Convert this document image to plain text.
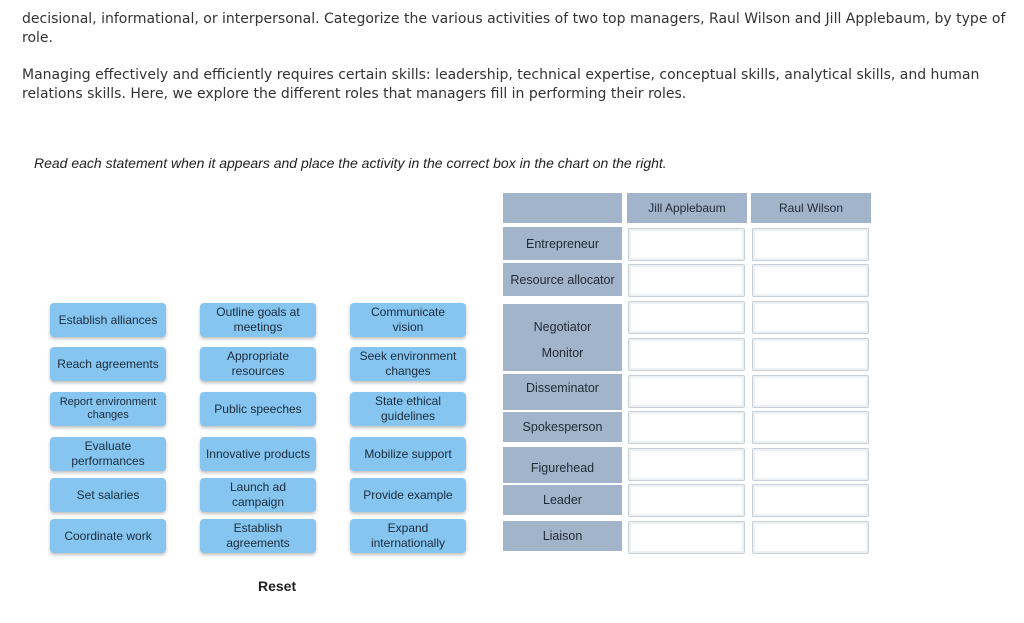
decisional, informational, or interpersonal. Categorize the various activities of two top managers, Raul Wilson and Jill Applebaum, by type of role.
Managing effectively and efficiently requires certain skills: leadership, technical expertise, conceptual skills, analytical skills, and human relations skills. Here, we explore the different roles that managers fill in performing their roles.
Read each statement when it appears and place the activity in the correct box in the chart on the right.
Establish alliances
Reach agreements
Report environment changes
Evaluate performances
Set salaries
Coordinate work
Outline goals at meetings
Appropriate resources
Public speeches
Innovative products
Launch ad campaign
Establish agreements
Communicate vision
Seek environment changes
State ethical guidelines
Mobilize support
Provide example
Expand internationally
Jill Applebaum	Raul Wilson
Entrepreneur
Resource allocator
Negotiator
Monitor
Disseminator
Spokesperson
Figurehead
Leader
Liaison
Reset
